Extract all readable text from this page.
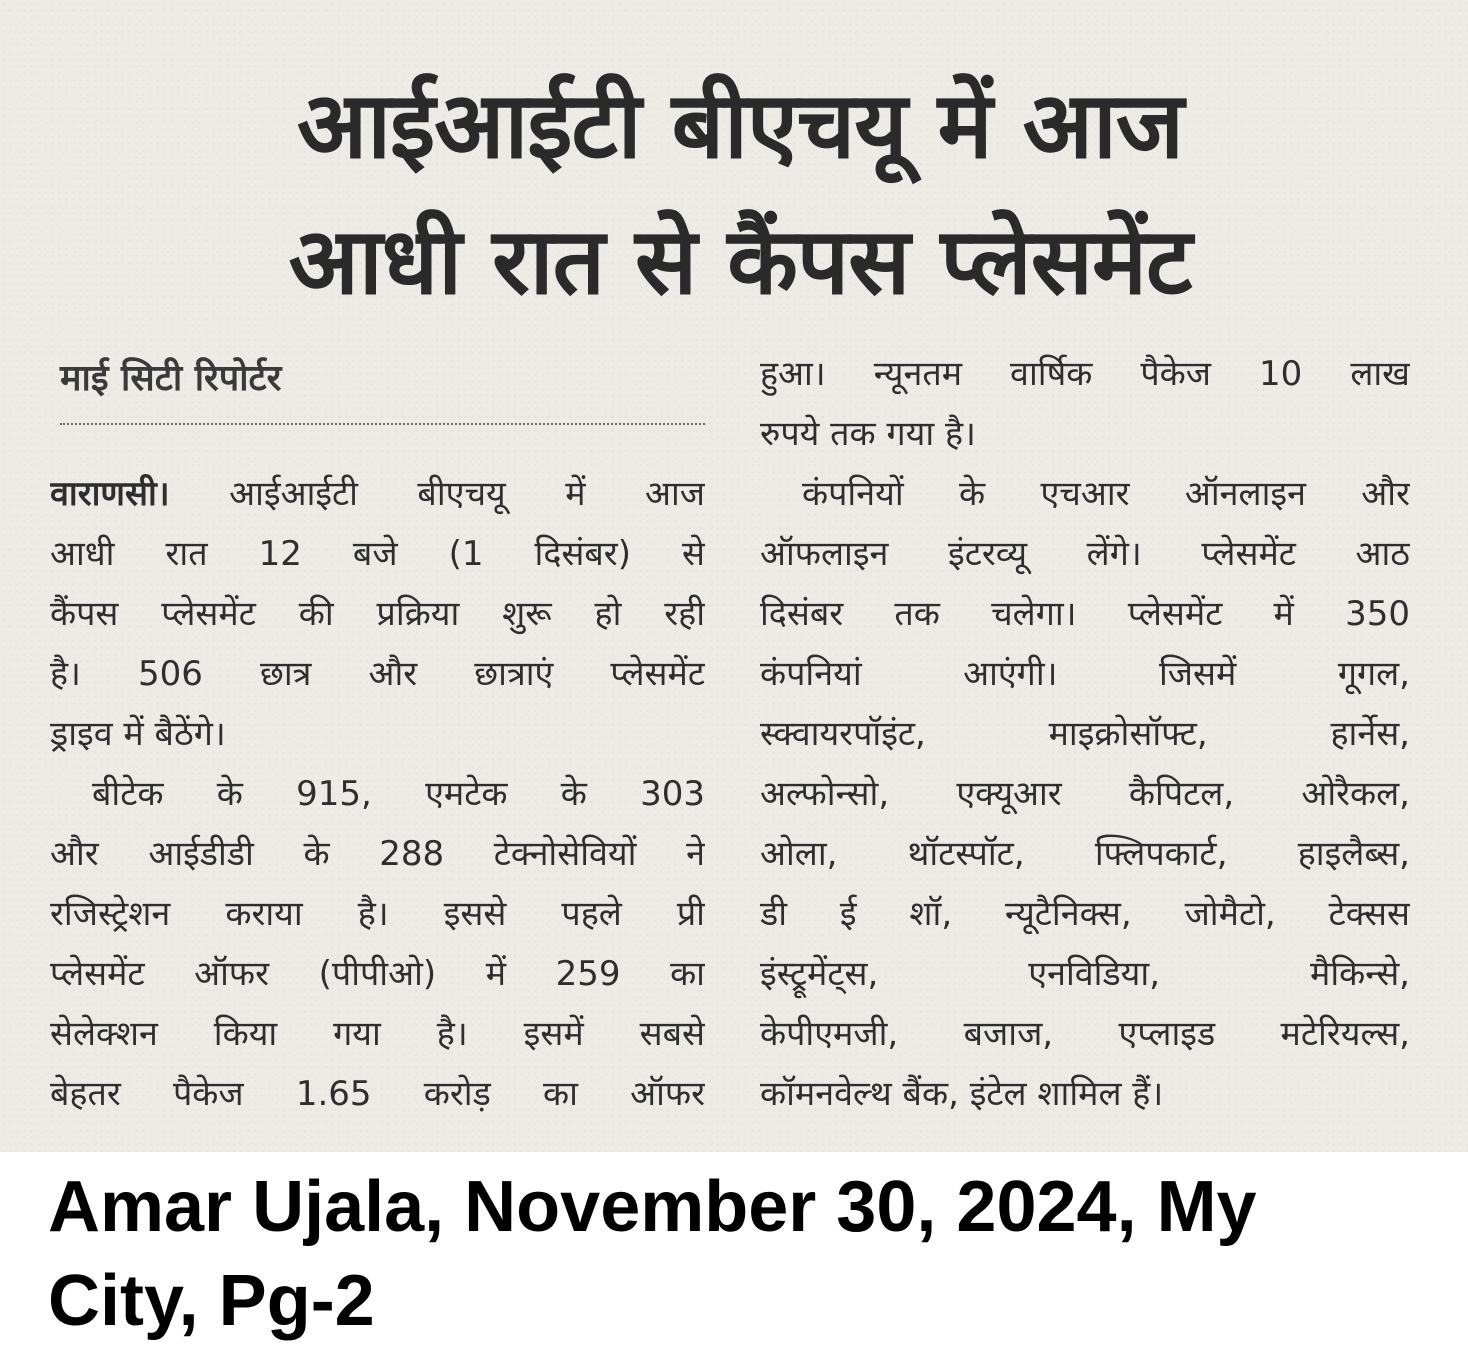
आईआईटी बीएचयू में आज
आधी रात से कैंपस प्लेसमेंट
माई सिटी रिपोर्टर

वाराणसी। आईआईटी बीएचयू में आज
आधी रात 12 बजे (1 दिसंबर) से
कैंपस प्लेसमेंट की प्रक्रिया शुरू हो रही
है। 506 छात्र और छात्राएं प्लेसमेंट
ड्राइव में बैठेंगे।

बीटेक के 915, एमटेक के 303
और आईडीडी के 288 टेक्नोसेवियों ने
रजिस्ट्रेशन कराया है। इससे पहले प्री
प्लेसमेंट ऑफर (पीपीओ) में 259 का
सेलेक्शन किया गया है। इसमें सबसे
बेहतर पैकेज 1.65 करोड़ का ऑफर

हुआ। न्यूनतम वार्षिक पैकेज 10 लाख
रुपये तक गया है।

कंपनियों के एचआर ऑनलाइन और
ऑफलाइन इंटरव्यू लेंगे। प्लेसमेंट आठ
दिसंबर तक चलेगा। प्लेसमेंट में 350
कंपनियां आएंगी। जिसमें गूगल,
स्क्वायरपॉइंट, माइक्रोसॉफ्ट, हार्नेस,
अल्फोन्सो, एक्यूआर कैपिटल, ओरैकल,
ओला, थॉटस्पॉट, फ्लिपकार्ट, हाइलैब्स,
डी ई शॉ, न्यूटैनिक्स, जोमैटो, टेक्सस
इंस्ट्रूमेंट्स, एनविडिया, मैकिन्से,
केपीएमजी, बजाज, एप्लाइड मटेरियल्स,
कॉमनवेल्थ बैंक, इंटेल शामिल हैं।

Amar Ujala, November 30, 2024, My
City, Pg-2
